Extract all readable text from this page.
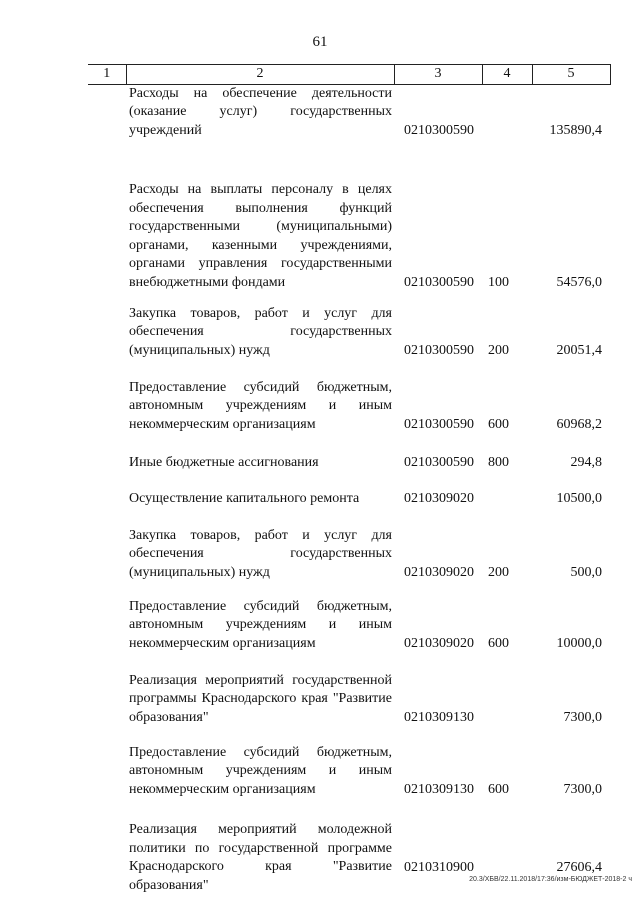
61
1	2	3	4	5

	Расходы на обеспечение деятельности (оказание услуг) государственных учреждений	0210300590		135890,4

	Расходы на выплаты персоналу в целях обеспечения выполнения функций государственными (муниципальными) органами, казенными учреждениями, органами управления государственными внебюджетными фондами	0210300590	100	54576,0

	Закупка товаров, работ и услуг для обеспечения государственных (муниципальных) нужд	0210300590	200	20051,4

	Предоставление субсидий бюджетным, автономным учреждениям и иным некоммерческим организациям	0210300590	600	60968,2

	Иные бюджетные ассигнования	0210300590	800	294,8

	Осуществление капитального ремонта	0210309020		10500,0

	Закупка товаров, работ и услуг для обеспечения государственных (муниципальных) нужд	0210309020	200	500,0

	Предоставление субсидий бюджетным, автономным учреждениям и иным некоммерческим организациям	0210309020	600	10000,0

	Реализация мероприятий государственной программы Краснодарского края "Развитие образования"	0210309130		7300,0

	Предоставление субсидий бюджетным, автономным учреждениям и иным некоммерческим организациям	0210309130	600	7300,0

	Реализация мероприятий молодежной политики по государственной программе Краснодарского края "Развитие образования"	0210310900		27606,4
20.3/ХБВ/22.11.2018/17:36/изм-БЮДЖЕТ-2018-2 ч
